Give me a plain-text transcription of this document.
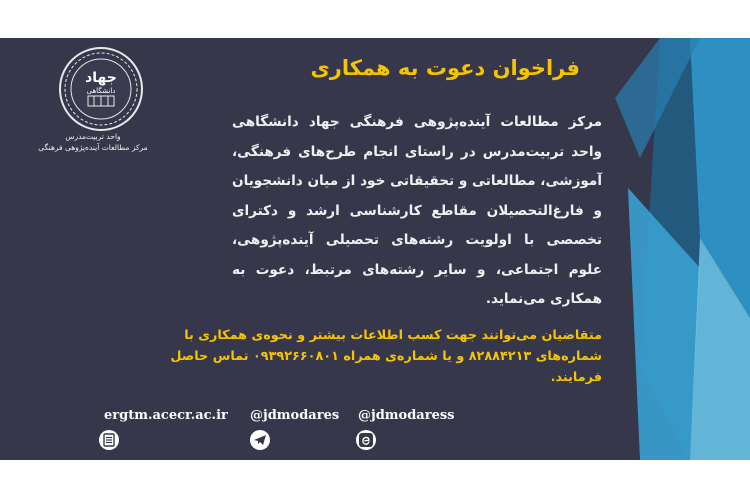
جهاد
دانشگاهی
واحد تربیت‌مدرس
مرکز مطالعات آینده‌پژوهی فرهنگی
فراخوان دعوت به همکاری
مرکز مطالعات آینده‌پژوهی فرهنگی جهاد دانشگاهی واحد تربیت‌مدرس در راستای انجام طرح‌های فرهنگی، آموزشی، مطالعاتی و تحقیقاتی خود از میان دانشجویان و فارغ‌التحصیلان مقاطع کارشناسی ارشد و دکترای تخصصی با اولویت رشته‌های تحصیلی آینده‌پژوهی، علوم اجتماعی، و سایر رشته‌های مرتبط، دعوت به همکاری می‌نماید.
متقاضیان می‌توانند جهت کسب اطلاعات بیشتر و نحوه‌ی همکاری با شماره‌های ۸۲۸۸۴۲۱۳ و یا شماره‌ی همراه ۰۹۳۹۲۶۶۰۸۰۱ تماس حاصل فرمایند.
ergtm.acecr.ac.ir @jdmodares @jdmodaress
